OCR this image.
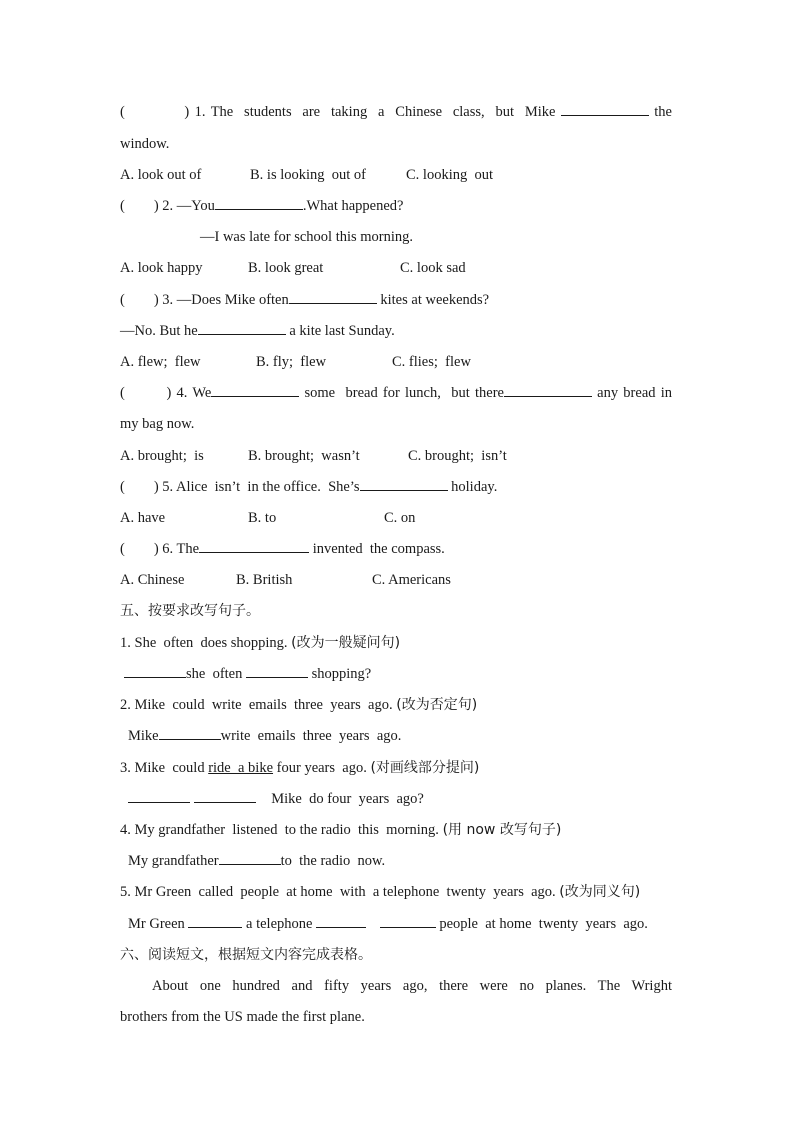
(           ) 1. The  students  are  taking  a  Chinese  class,  but  Mike	the
window.
A. look out of	B. is looking  out of	C. looking  out
(        ) 2. —You	.What happened?
—I was late for school this morning.
A. look happy	B. look great	C. look sad
(        ) 3. —Does Mike often	kites at weekends?
—No. But he	a kite last Sunday.
A. flew;  flew	B. fly;  flew	C. flies;  flew
(        ) 4. We	some  bread for lunch,  but there	any bread in
my bag now.
A. brought;  is	B. brought;  wasn’t	C. brought;  isn’t
(        ) 5. Alice  isn’t  in the office.  She’s	holiday.
A. have	B. to	C. on
(        ) 6. The	invented  the compass.
A. Chinese	B. British	C. Americans
五、按要求改写句子。
1. She  often  does shopping. (改为一般疑问句)
she  often	shopping?
2. Mike  could  write  emails  three  years  ago. (改为否定句)
Mike	write  emails  three  years  ago.
3. Mike  could ride  a bike four years  ago. (对画线部分提问)
Mike  do four  years  ago?
4. My grandfather  listened  to the radio  this  morning. (用 now 改写句子)
My grandfather	to  the radio  now.
5. Mr Green  called  people  at home  with  a telephone  twenty  years  ago. (改为同义句)
Mr Green	a telephone	people  at home  twenty  years  ago.
六、阅读短文，根据短文内容完成表格。
About one hundred and fifty years ago, there were no planes. The Wright
brothers from the US made the first plane.
